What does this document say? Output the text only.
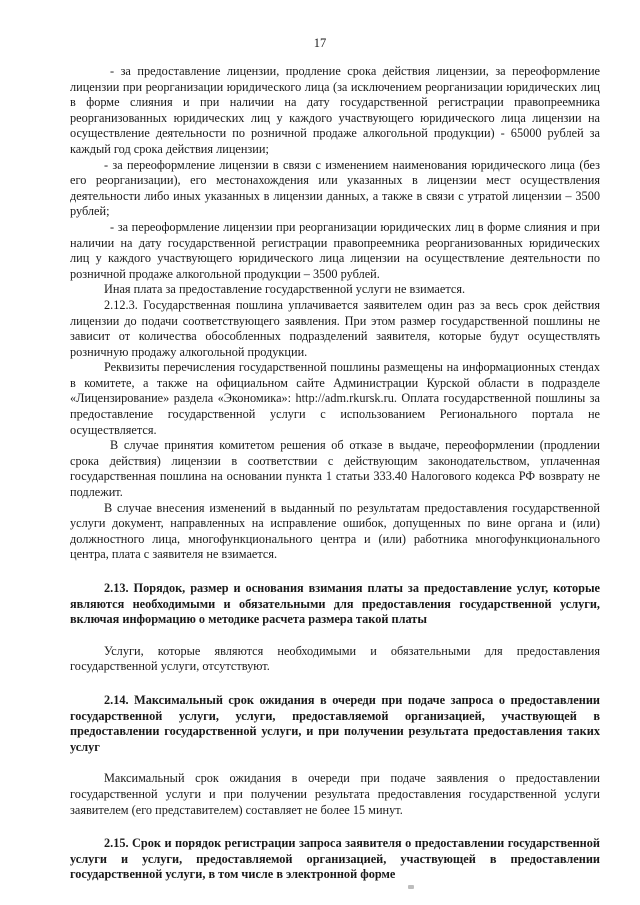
17

- за предоставление лицензии, продление срока действия лицензии, за переоформление лицензии при реорганизации юридического лица (за исключением реорганизации юридических лиц в форме слияния и при наличии на дату государственной регистрации правопреемника реорганизованных юридических лиц у каждого участвующего юридического лица лицензии на осуществление деятельности по розничной продаже алкогольной продукции) - 65000 рублей за каждый год срока действия лицензии;

- за переоформление лицензии в связи с изменением наименования юридического лица (без его реорганизации), его местонахождения или указанных в лицензии мест осуществления деятельности либо иных указанных в лицензии данных, а также в связи с утратой лицензии – 3500 рублей;

- за переоформление лицензии при реорганизации юридических лиц в форме слияния и при наличии на дату государственной регистрации правопреемника реорганизованных юридических лиц у каждого участвующего юридического лица лицензии на осуществление деятельности по розничной продаже алкогольной продукции – 3500 рублей.

Иная плата за предоставление государственной услуги не взимается.

2.12.3. Государственная пошлина уплачивается заявителем один раз за весь срок действия лицензии до подачи соответствующего заявления. При этом размер государственной пошлины не зависит от количества обособленных подразделений заявителя, которые будут осуществлять розничную продажу алкогольной продукции.

Реквизиты перечисления государственной пошлины размещены на информационных стендах в комитете, а также на официальном сайте Администрации Курской области в подразделе «Лицензирование» раздела «Экономика»: http://adm.rkursk.ru. Оплата государственной пошлины за предоставление государственной услуги с использованием Регионального портала не осуществляется.

В случае принятия комитетом решения об отказе в выдаче, переоформлении (продлении срока действия) лицензии в соответствии с действующим законодательством, уплаченная государственная пошлина на основании пункта 1 статьи 333.40 Налогового кодекса РФ возврату не подлежит.

В случае внесения изменений в выданный по результатам предоставления государственной услуги документ, направленных на исправление ошибок, допущенных по вине органа и (или) должностного лица, многофункционального центра и (или) работника многофункционального центра, плата с заявителя не взимается.

2.13. Порядок, размер и основания взимания платы за предоставление услуг, которые являются необходимыми и обязательными для предоставления государственной услуги, включая информацию о методике расчета размера такой платы

Услуги, которые являются необходимыми и обязательными для предоставления государственной услуги, отсутствуют.

2.14. Максимальный срок ожидания в очереди при подаче запроса о предоставлении государственной услуги, услуги, предоставляемой организацией, участвующей в предоставлении государственной услуги, и при получении результата предоставления таких услуг

Максимальный срок ожидания в очереди при подаче заявления о предоставлении государственной услуги и при получении результата предоставления государственной услуги заявителем (его представителем) составляет не более 15 минут.

2.15. Срок и порядок регистрации запроса заявителя о предоставлении государственной услуги и услуги, предоставляемой организацией, участвующей в предоставлении государственной услуги, в том числе в электронной форме
